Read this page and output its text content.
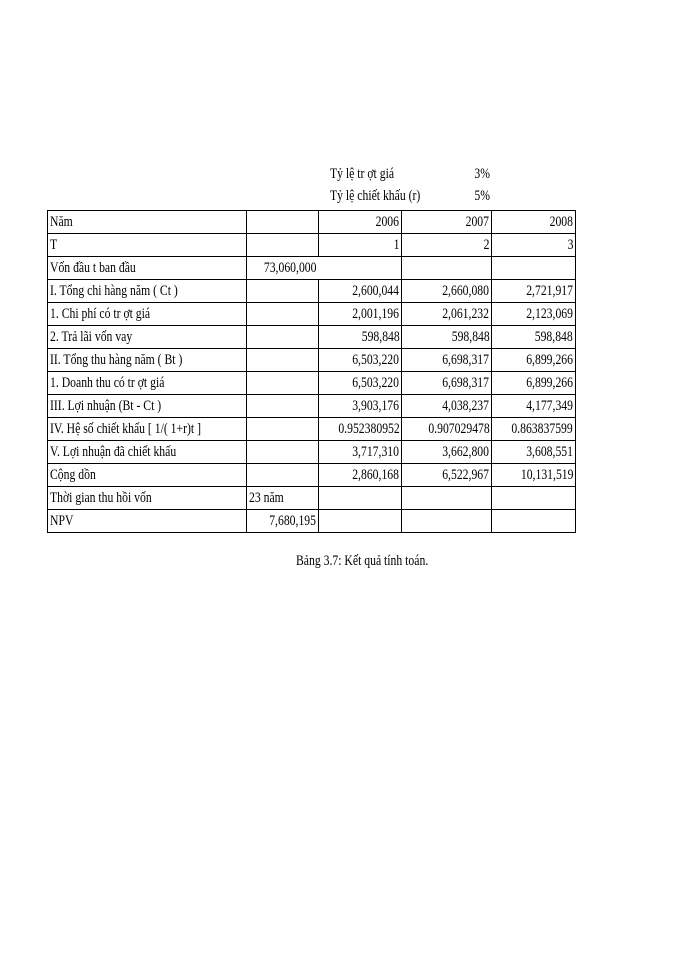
Tỷ lệ tr ợt giá	3%
Tỷ lệ chiết khấu (r)	5%
Năm		2006	2007	2008
T		1	2	3
Vốn đầu t ban đầu	73,060,000			
I. Tổng chi hàng năm ( Ct )		2,600,044	2,660,080	2,721,917
1. Chi phí có tr ợt giá		2,001,196	2,061,232	2,123,069
2. Trả lãi vốn vay		598,848	598,848	598,848
II. Tổng thu hàng năm ( Bt )		6,503,220	6,698,317	6,899,266
1. Doanh thu có tr ợt giá		6,503,220	6,698,317	6,899,266
III. Lợi nhuận (Bt - Ct )		3,903,176	4,038,237	4,177,349
IV. Hệ số chiết khấu [ 1/( 1+r)t ]		0.952380952	0.907029478	0.863837599
V. Lợi nhuận đã chiết khấu		3,717,310	3,662,800	3,608,551
Cộng dồn		2,860,168	6,522,967	10,131,519
Thời gian thu hồi vốn	23 năm			
NPV	7,680,195			
Bảng 3.7: Kết quả tính toán.
